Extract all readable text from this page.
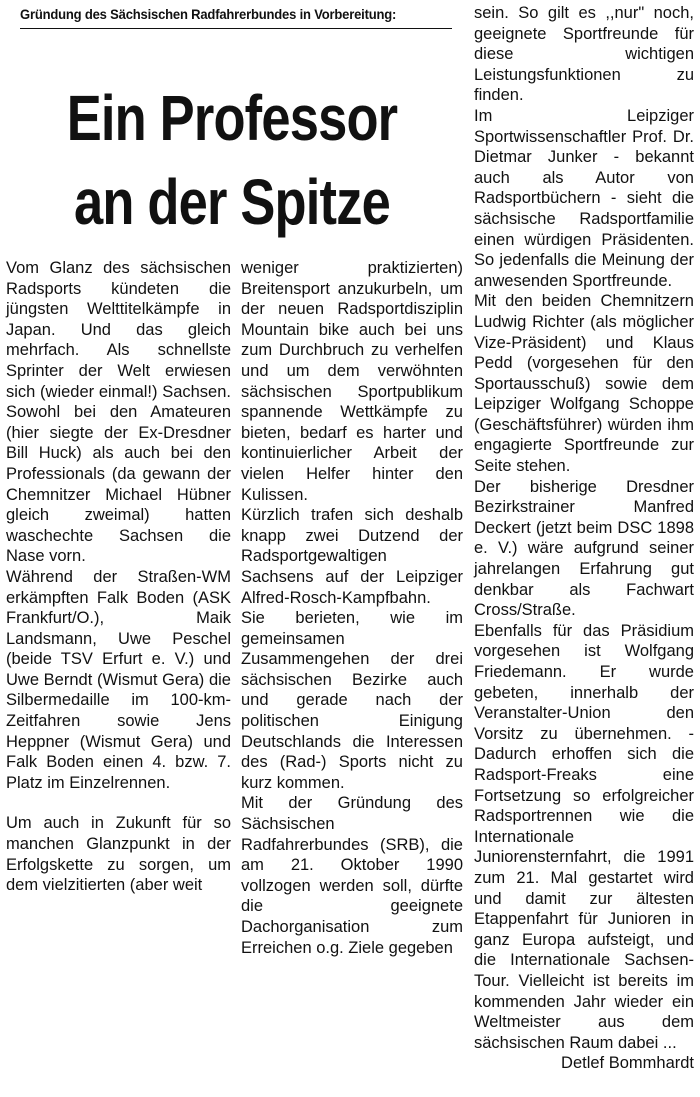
Gründung des Sächsischen Radfahrerbundes in Vorbereitung:
Ein Professor
an der Spitze

Vom Glanz des sächsischen Radsports kündeten die jüngsten Welttitelkämpfe in Japan. Und das gleich mehrfach. Als schnellste Sprinter der Welt erwiesen sich (wieder einmal!) Sachsen. Sowohl bei den Amateuren (hier siegte der Ex-Dresdner Bill Huck) als auch bei den Professionals (da gewann der Chemnitzer Michael Hübner gleich zweimal) hatten waschechte Sachsen die Nase vorn.

Während der Straßen-WM erkämpften Falk Boden (ASK Frankfurt/O.), Maik Landsmann, Uwe Peschel (beide TSV Erfurt e. V.) und Uwe Berndt (Wismut Gera) die Silbermedaille im 100-km-Zeitfahren sowie Jens Heppner (Wismut Gera) und Falk Boden einen 4. bzw. 7. Platz im Einzelrennen.

Um auch in Zukunft für so manchen Glanzpunkt in der Erfolgskette zu sorgen, um dem vielzitierten (aber weit

weniger praktizierten) Breitensport anzukurbeln, um der neuen Radsportdisziplin Mountain bike auch bei uns zum Durchbruch zu verhelfen und um dem verwöhnten sächsischen Sportpublikum spannende Wettkämpfe zu bieten, bedarf es harter und kontinuierlicher Arbeit der vielen Helfer hinter den Kulissen.

Kürzlich trafen sich deshalb knapp zwei Dutzend der Radsportgewaltigen Sachsens auf der Leipziger Alfred-Rosch-Kampfbahn.

Sie berieten, wie im gemeinsamen Zusammengehen der drei sächsischen Bezirke auch und gerade nach der politischen Einigung Deutschlands die Interessen des (Rad-) Sports nicht zu kurz kommen.

Mit der Gründung des Sächsischen Radfahrerbundes (SRB), die am 21. Oktober 1990 vollzogen werden soll, dürfte die geeignete Dachorganisation zum Erreichen o.g. Ziele gegeben

sein. So gilt es ,,nur" noch, geeignete Sportfreunde für diese wichtigen Leistungsfunktionen zu finden.

Im Leipziger Sportwissenschaftler Prof. Dr. Dietmar Junker - bekannt auch als Autor von Radsportbüchern - sieht die sächsische Radsportfamilie einen würdigen Präsidenten. So jedenfalls die Meinung der anwesenden Sportfreunde.

Mit den beiden Chemnitzern Ludwig Richter (als möglicher Vize-Präsident) und Klaus Pedd (vorgesehen für den Sportausschuß) sowie dem Leipziger Wolfgang Schoppe (Geschäftsführer) würden ihm engagierte Sportfreunde zur Seite stehen.

Der bisherige Dresdner Bezirkstrainer Manfred Deckert (jetzt beim DSC 1898 e. V.) wäre aufgrund seiner jahrelangen Erfahrung gut denkbar als Fachwart Cross/Straße.

Ebenfalls für das Präsidium vorgesehen ist Wolfgang Friedemann. Er wurde gebeten, innerhalb der Veranstalter-Union den Vorsitz zu übernehmen. - Dadurch erhoffen sich die Radsport-Freaks eine Fortsetzung so erfolgreicher Radsportrennen wie die Internationale Juniorensternfahrt, die 1991 zum 21. Mal gestartet wird und damit zur ältesten Etappenfahrt für Junioren in ganz Europa aufsteigt, und die Internationale Sachsen-Tour. Vielleicht ist bereits im kommenden Jahr wieder ein Weltmeister aus dem sächsischen Raum dabei ...

Detlef Bommhardt
